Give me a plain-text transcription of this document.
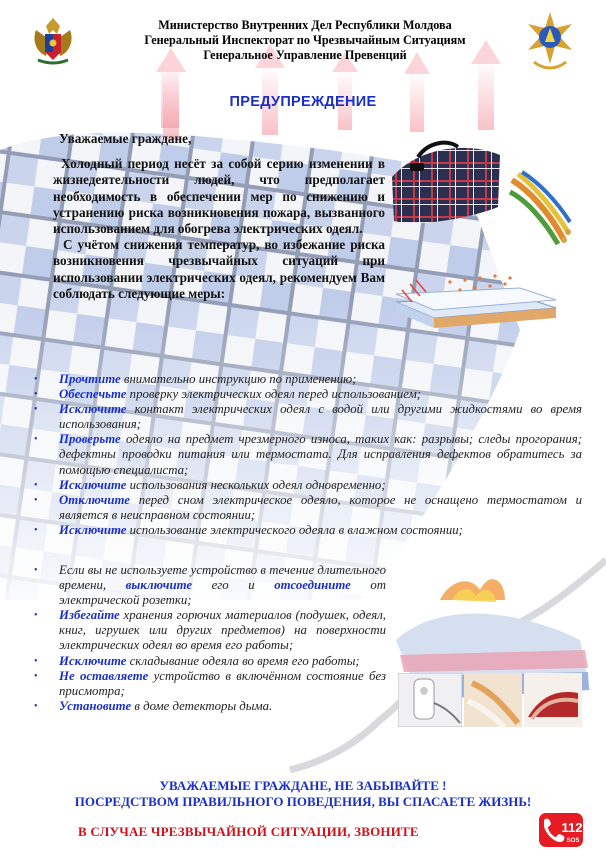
Министерство Внутренних Дел Республики Молдова
Генеральный Инспекторат по Чрезвычайным Ситуациям
Генеральное Управление Превенций
ПРЕДУПРЕЖДЕНИЕ

Уважаемые граждане,

Холодный период несёт за собой серию изменении в жизнедеятельности людей, что предполагает необходимость в обеспечении мер по снижению и устранению риска возникновения пожара, вызванного использованием для обогрева электрических одеял.

С учётом снижения температур, во избежание риска возникновения чрезвычайных ситуаций при использовании электрических одеял, рекомендуем Вам соблюдать следующие меры:

• Прочтите внимательно инструкцию по применению;
• Обеспечьте проверку электрических одеял перед использованием;
• Исключите контакт электрических одеял с водой или другими жидкостями во время использования;
• Проверьте одеяло на предмет чрезмерного износа, таких как: разрывы; следы прогорания; дефектны проводки питания или термостата. Для исправления дефектов обратитесь за помощью специалиста;
• Исключите использования нескольких одеял одновременно;
• Отключите перед сном электрическое одеяло, которое не оснащено термостатом и является в неисправном состоянии;
• Исключите использование электрического одеяла в влажном состоянии;
• Если вы не используете устройство в течение длительного времени, выключите его и отсоедините от электрической розетки;
• Избегайте хранения горючих материалов (подушек, одеял, книг, игрушек или других предметов) на поверхности электрических одеял во время его работы;
• Исключите складывание одеяла во время его работы;
• Не оставляете устройство в включённом состояние без присмотра;
• Установите в доме детекторы дыма.
УВАЖАЕМЫЕ ГРАЖДАНЕ, НЕ ЗАБЫВАЙТЕ !
ПОСРЕДСТВОМ ПРАВИЛЬНОГО ПОВЕДЕНИЯ, ВЫ СПАСАЕТЕ ЖИЗНЬ!
В СЛУЧАЕ ЧРЕЗВЫЧАЙНОЙ СИТУАЦИИ, ЗВОНИТЕ	112
SOS
